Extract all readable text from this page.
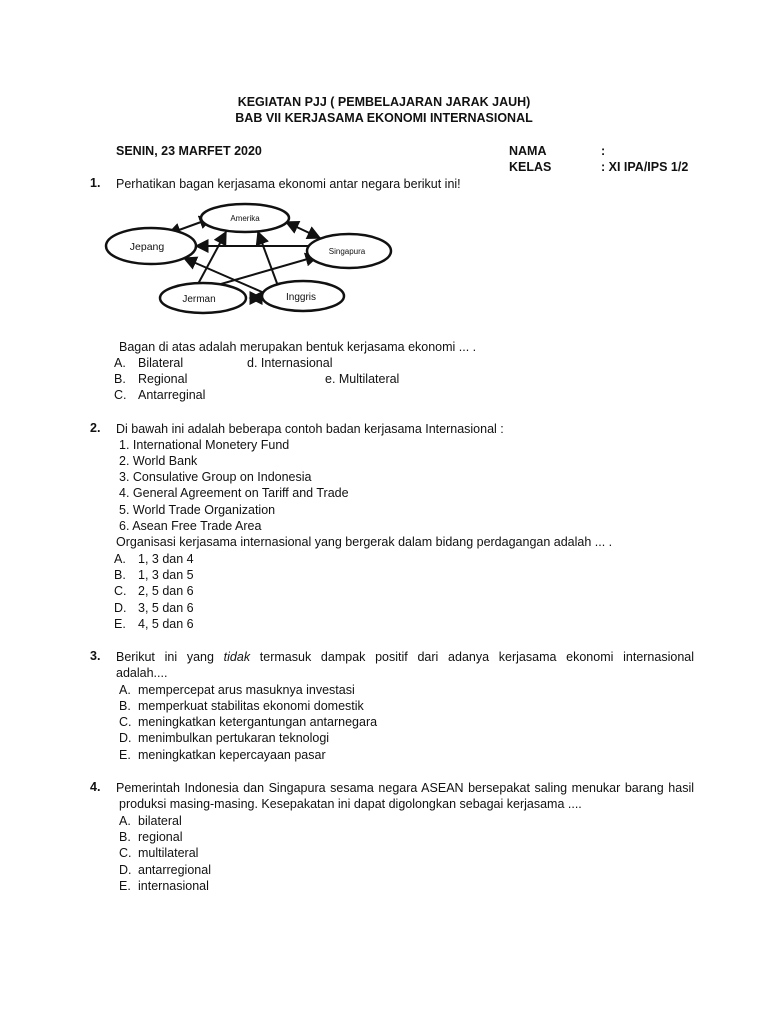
KEGIATAN PJJ ( PEMBELAJARAN JARAK JAUH)
BAB VII KERJASAMA EKONOMI INTERNASIONAL
SENIN, 23 MARFET 2020	NAMA	:
KELAS	: XI IPA/IPS 1/2
1. Perhatikan bagan kerjasama ekonomi antar negara berikut ini!
Amerika
Jepang	Singapura
Jerman	Inggris
Bagan di atas adalah merupakan bentuk kerjasama ekonomi ... .
A. Bilateral	d. Internasional
B. Regional	e. Multilateral
C. Antarreginal
2. Di bawah ini adalah beberapa contoh badan kerjasama Internasional :
1. International Monetery Fund
2. World Bank
3. Consulative Group on Indonesia
4. General Agreement on Tariff and Trade
5. World Trade Organization
6. Asean Free Trade Area
Organisasi kerjasama internasional yang bergerak dalam bidang perdagangan adalah ... .
A. 1, 3 dan 4
B. 1, 3 dan 5
C. 2, 5 dan 6
D. 3, 5 dan 6
E. 4, 5 dan 6
3. Berikut ini yang tidak termasuk dampak positif dari adanya kerjasama ekonomi internasional
adalah....
A. mempercepat arus masuknya investasi
B. memperkuat stabilitas ekonomi domestik
C. meningkatkan ketergantungan antarnegara
D. menimbulkan pertukaran teknologi
E. meningkatkan kepercayaan pasar
4. Pemerintah Indonesia dan Singapura sesama negara ASEAN bersepakat saling menukar barang hasil
produksi masing-masing. Kesepakatan ini dapat digolongkan sebagai kerjasama ....
A. bilateral
B. regional
C. multilateral
D. antarregional
E. internasional
